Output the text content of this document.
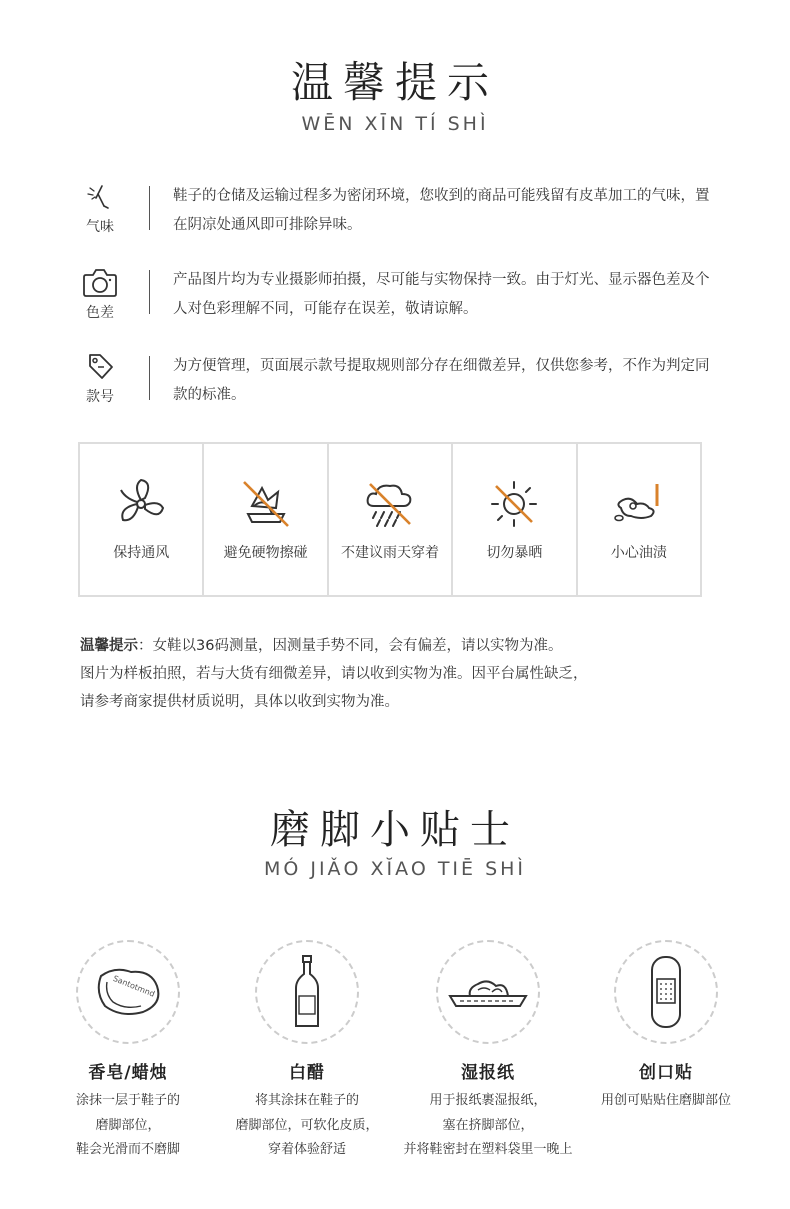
温馨提示
WĒN XĪN TÍ SHÌ
气味
鞋子的仓储及运输过程多为密闭环境，您收到的商品可能残留有皮革加工的气味，置在阴凉处通风即可排除异味。
色差
产品图片均为专业摄影师拍摄，尽可能与实物保持一致。由于灯光、显示器色差及个人对色彩理解不同，可能存在误差，敬请谅解。
款号
为方便管理，页面展示款号提取规则部分存在细微差异，仅供您参考，不作为判定同款的标准。
保持通风	避免硬物擦碰	不建议雨天穿着	切勿暴晒	小心油渍
温馨提示：女鞋以36码测量，因测量手势不同，会有偏差，请以实物为准。
图片为样板拍照，若与大货有细微差异，请以收到实物为准。因平台属性缺乏，
请参考商家提供材质说明，具体以收到实物为准。
磨脚小贴士
MÓ JIǍO XĬAO TIĒ SHÌ
Santotmnd
香皂/蜡烛
涂抹一层于鞋子的
磨脚部位，
鞋会光滑而不磨脚
白醋
将其涂抹在鞋子的
磨脚部位，可软化皮质，
穿着体验舒适
湿报纸
用于报纸裹湿报纸，
塞在挤脚部位，
并将鞋密封在塑料袋里一晚上
创口贴
用创可贴贴住磨脚部位
